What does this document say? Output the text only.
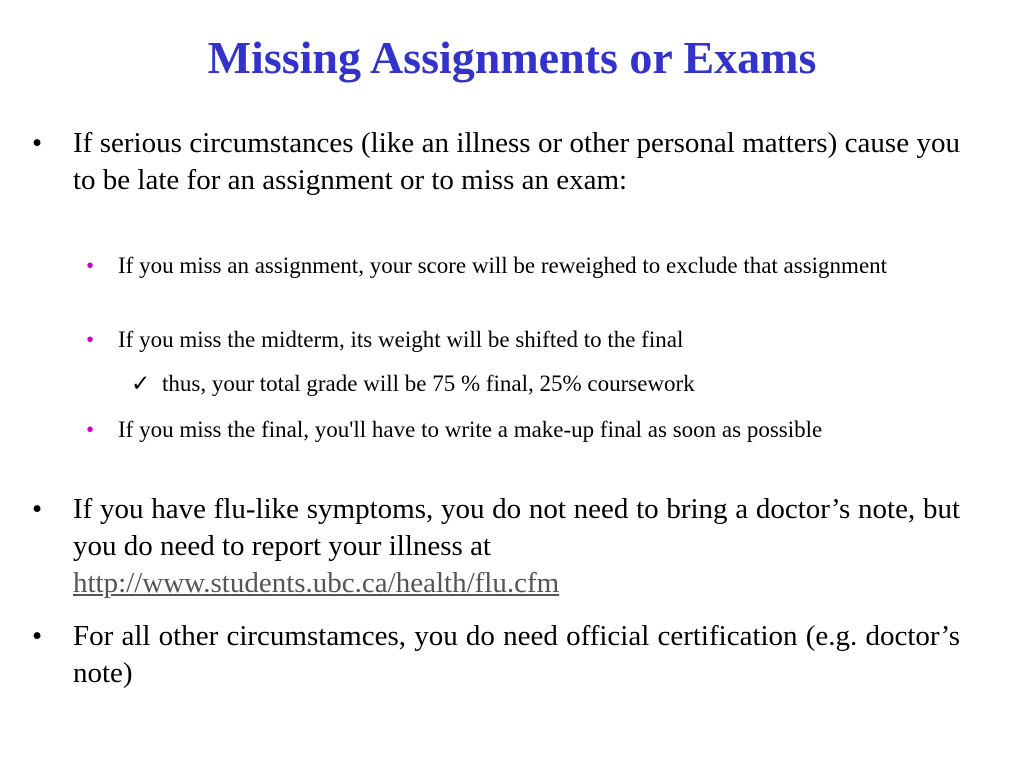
Missing Assignments or Exams
• If serious circumstances (like an illness or other personal matters) cause you to be late for an assignment or to miss an exam:
• If you miss an assignment, your score will be reweighed to exclude that assignment
• If you miss the midterm, its weight will be shifted to the final
✓ thus, your total grade will be 75 % final, 25% coursework
• If you miss the final, you'll have to write a make-up final as soon as possible
• If you have flu-like symptoms, you do not need to bring a doctor’s note, but you do need to report your illness at
http://www.students.ubc.ca/health/flu.cfm
• For all other circumstamces, you do need official certification (e.g. doctor’s note)
